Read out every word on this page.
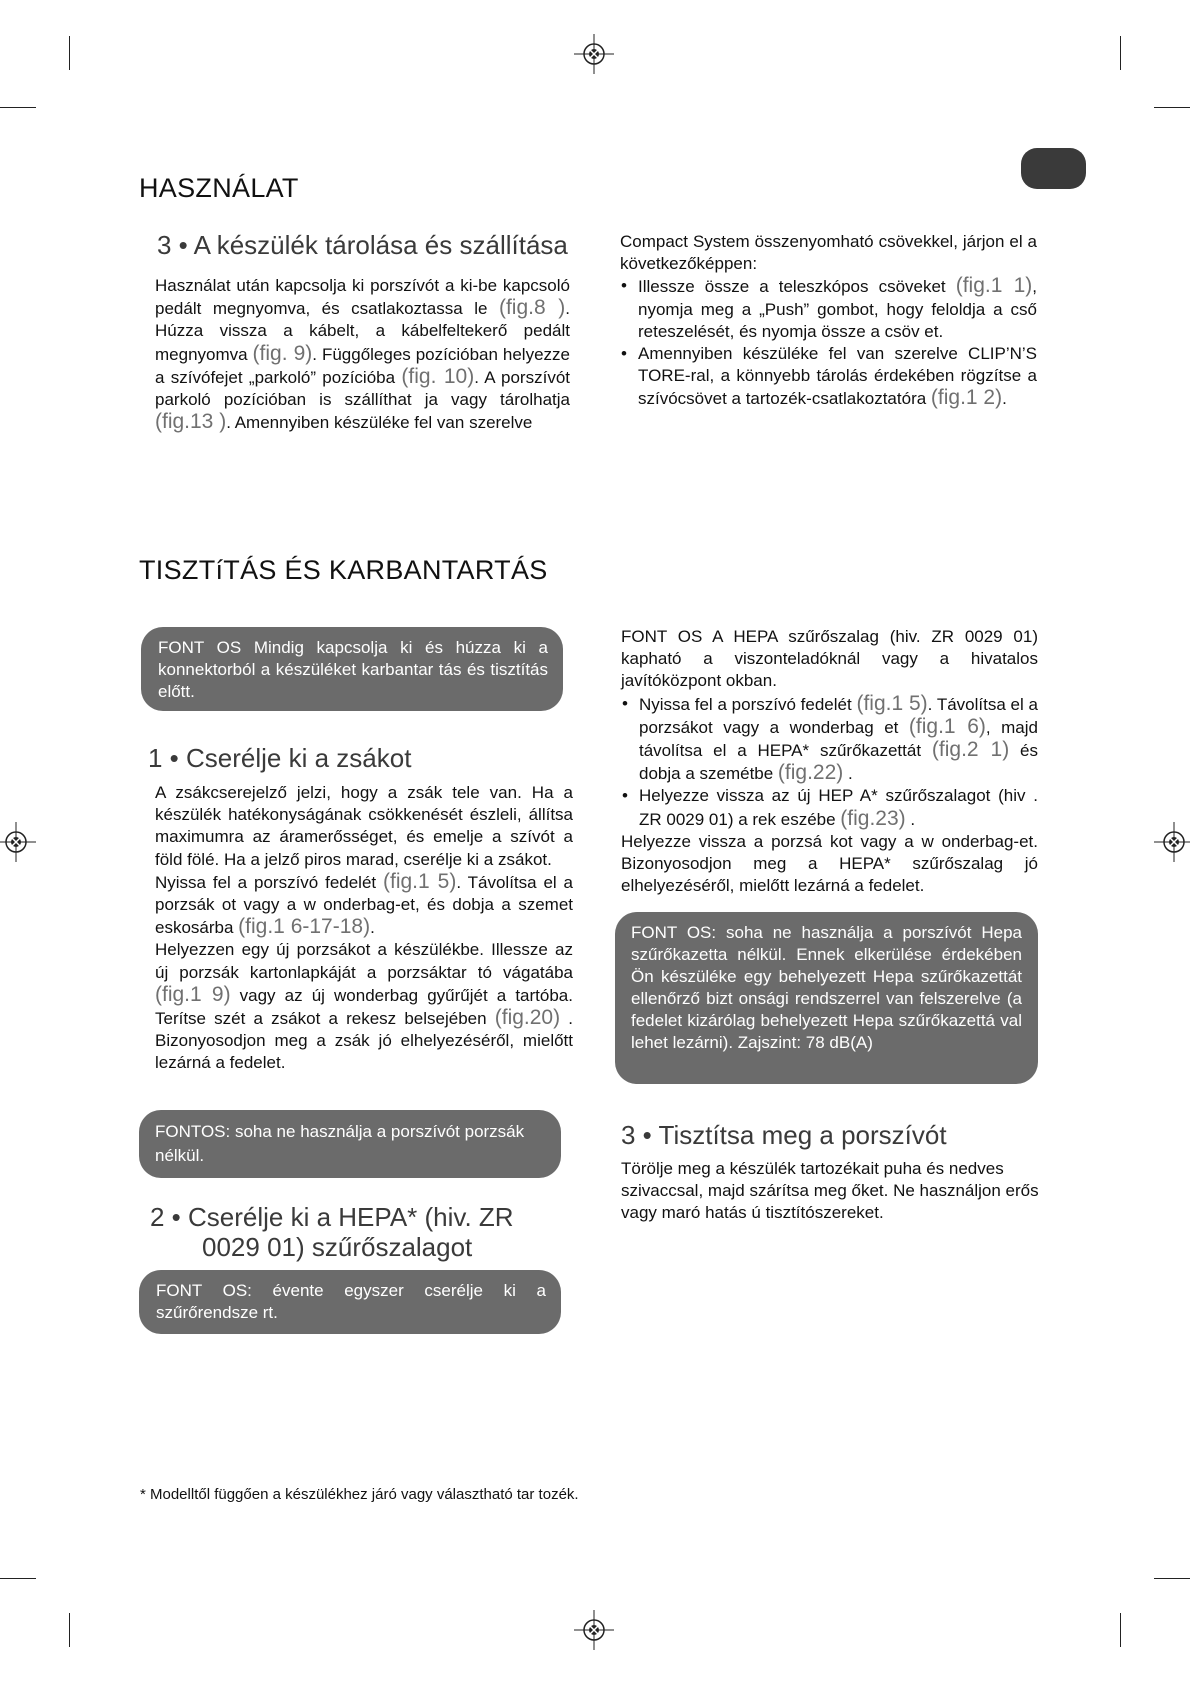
HASZNÁLAT
3 • A készülék tárolása és szállítása

Használat után kapcsolja ki porszívót a ki-be kapcsoló pedált megnyomva, és csatlakoztassa le (fig.8 ). Húzza vissza a kábelt, a kábelfeltekerő pedált megnyomva (fig. 9). Függőleges pozícióban helyezze a szívófejet „parkoló” pozícióba (fig. 10). A porszívót parkoló pozícióban is szállíthat ja vagy tárolhatja (fig.13 ). Amennyiben készüléke fel van szerelve

Compact System összenyomható csövekkel, járjon el a következőképpen:

• Illessze össze a teleszkópos csöveket (fig.1 1), nyomja meg a „Push” gombot, hogy feloldja a cső reteszelését, és nyomja össze a csöv et.
• Amennyiben készüléke fel van szerelve CLIP’N’S TORE-ral, a könnyebb tárolás érdekében rögzítse a szívócsövet a tartozék-csatlakoztatóra (fig.1 2).
TISZTíTÁS ÉS KARBANTARTÁS
FONT OS Mindig kapcsolja ki és húzza ki a konnektorból a készüléket karbantar tás és tisztítás előtt.
1 • Cserélje ki a zsákot

A zsákcserejelző jelzi, hogy a zsák tele van. Ha a készülék hatékonyságának csökkenését észleli, állítsa maximumra az áramerősséget, és emelje a szívót a föld fölé. Ha a jelző piros marad, cserélje ki a zsákot.

Nyissa fel a porszívó fedelét (fig.1 5). Távolítsa el a porzsák ot vagy a w onderbag-et, és dobja a szemet eskosárba (fig.1 6-17-18).

Helyezzen egy új porzsákot a készülékbe. Illessze az új porzsák kartonlapkáját a porzsáktar tó vágatába (fig.1 9) vagy az új wonderbag gyűrűjét a tartóba. Terítse szét a zsákot a rekesz belsejében (fig.20) . Bizonyosodjon meg a zsák jó elhelyezéséről, mielőtt lezárná a fedelet.

FONTOS: soha ne használja a porszívót porzsák nélkül.
2 • Cserélje ki a HEPA* (hiv. ZR
0029 01) szűrőszalagot
FONT OS: évente egyszer cserélje ki a szűrőrendsze rt.

FONT OS A HEPA szűrőszalag (hiv. ZR 0029 01) kapható a viszonteladóknál vagy a hivatalos javítóközpont okban.

• Nyissa fel a porszívó fedelét (fig.1 5). Távolítsa el a porzsákot vagy a wonderbag et (fig.1 6), majd távolítsa el a HEPA* szűrőkazettát (fig.2 1) és dobja a szemétbe (fig.22) .
• Helyezze vissza az új HEP A* szűrőszalagot (hiv . ZR 0029 01) a rek eszébe (fig.23) .

Helyezze vissza a porzsá kot vagy a w onderbag-et. Bizonyosodjon meg a HEPA* szűrőszalag jó elhelyezéséről, mielőtt lezárná a fedelet.

FONT OS: soha ne használja a porszívót Hepa szűrőkazetta nélkül. Ennek elkerülése érdekében Ön készüléke egy behelyezett Hepa szűrőkazettát ellenőrző bizt onsági rendszerrel van felszerelve (a fedelet kizárólag behelyezett Hepa szűrőkazettá val lehet lezárni). Zajszint: 78 dB(A)
3 • Tisztítsa meg a porszívót

Törölje meg a készülék tartozékait puha és nedves szivaccsal, majd szárítsa meg őket. Ne használjon erős vagy maró hatás ú tisztítószereket.

* Modelltől függően a készülékhez járó vagy választható tar tozék.
